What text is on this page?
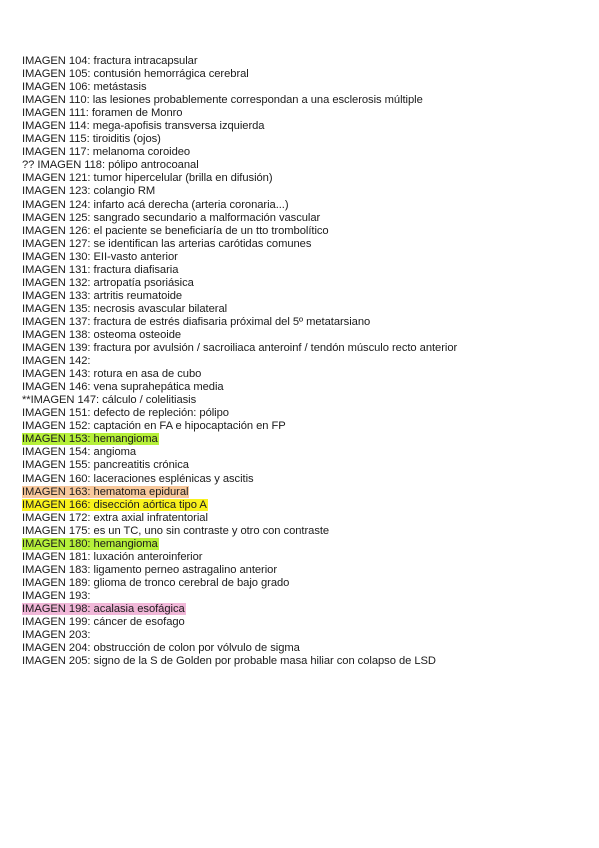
IMAGEN 104: fractura intracapsular
IMAGEN 105: contusión hemorrágica cerebral
IMAGEN 106: metástasis
IMAGEN 110: las lesiones probablemente correspondan a una esclerosis múltiple
IMAGEN 111: foramen de Monro
IMAGEN 114: mega-apofisis transversa izquierda
IMAGEN 115: tiroiditis (ojos)
IMAGEN 117: melanoma coroideo
?? IMAGEN 118: pólipo antrocoanal
IMAGEN 121: tumor hipercelular (brilla en difusión)
IMAGEN 123: colangio RM
IMAGEN 124: infarto acá derecha (arteria coronaria...)
IMAGEN 125: sangrado secundario a malformación vascular
IMAGEN 126: el paciente se beneficiaría de un tto trombolítico
IMAGEN 127: se identifican las arterias carótidas comunes
IMAGEN 130: EII-vasto anterior
IMAGEN 131: fractura diafisaria
IMAGEN 132: artropatía psoriásica
IMAGEN 133: artritis reumatoide
IMAGEN 135: necrosis avascular bilateral
IMAGEN 137: fractura de estrés diafisaria próximal del 5º metatarsiano
IMAGEN 138: osteoma osteoide
IMAGEN 139: fractura por avulsión / sacroiliaca anteroinf / tendón músculo recto anterior
IMAGEN 142:
IMAGEN 143: rotura en asa de cubo
IMAGEN 146: vena suprahepática media
**IMAGEN 147: cálculo / colelitiasis
IMAGEN 151: defecto de repleción: pólipo
IMAGEN 152: captación en FA e hipocaptación en FP
IMAGEN 153: hemangioma
IMAGEN 154: angioma
IMAGEN 155: pancreatitis crónica
IMAGEN 160: laceraciones esplénicas y ascitis
IMAGEN 163: hematoma epidural
IMAGEN 166: disección aórtica tipo A
IMAGEN 172: extra axial infratentorial
IMAGEN 175: es un TC, uno sin contraste y otro con contraste
IMAGEN 180: hemangioma
IMAGEN 181: luxación anteroinferior
IMAGEN 183: ligamento perneo astragalino anterior
IMAGEN 189: glioma de tronco cerebral de bajo grado
IMAGEN 193:
IMAGEN 198: acalasia esofágica
IMAGEN 199: cáncer de esofago
IMAGEN 203:
IMAGEN 204: obstrucción de colon por vólvulo de sigma
IMAGEN 205: signo de la S de Golden por probable masa hiliar con colapso de LSD
